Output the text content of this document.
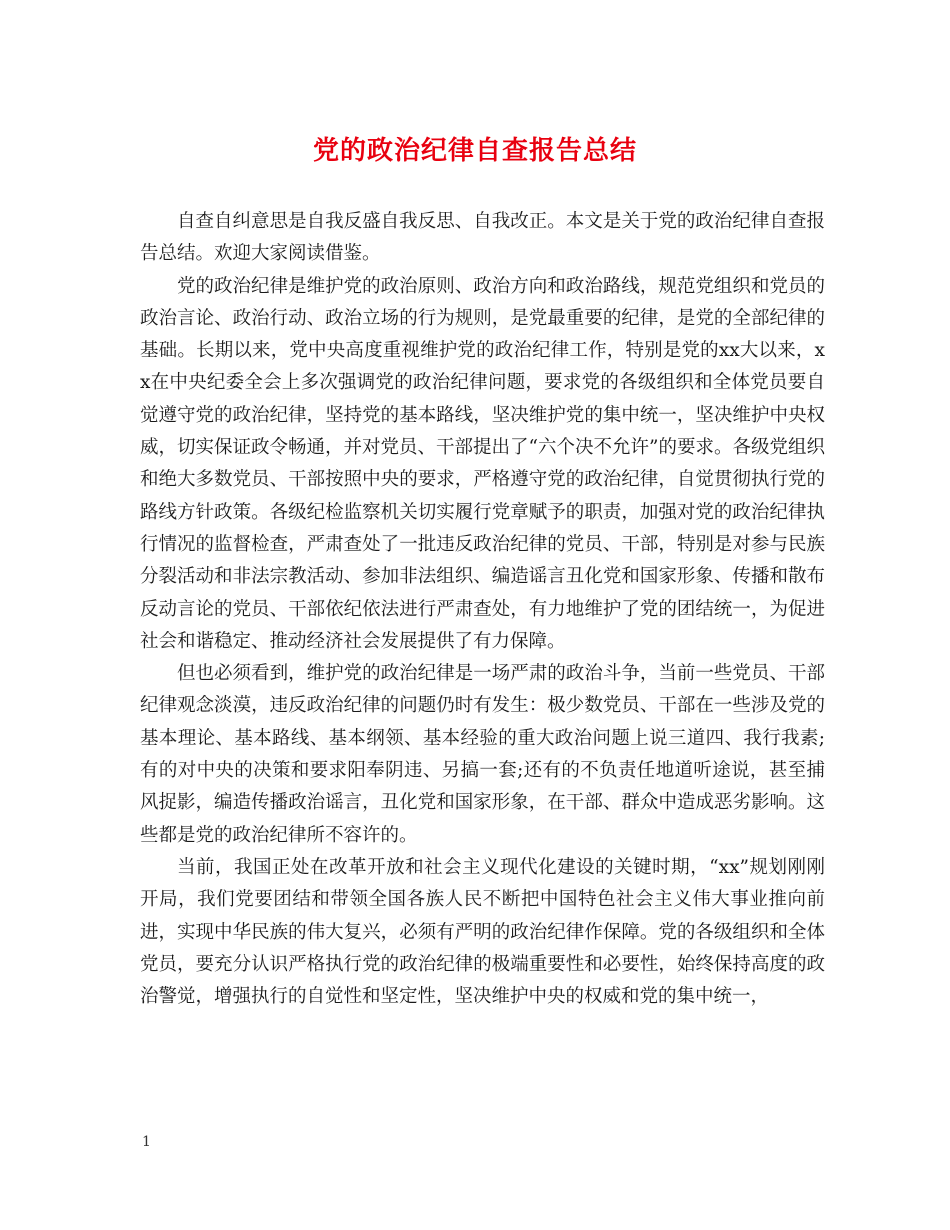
党的政治纪律自查报告总结

自查自纠意思是自我反盛自我反思、自我改正。本文是关于党的政治纪律自查报告总结。欢迎大家阅读借鉴。

党的政治纪律是维护党的政治原则、政治方向和政治路线，规范党组织和党员的政治言论、政治行动、政治立场的行为规则，是党最重要的纪律，是党的全部纪律的基础。长期以来，党中央高度重视维护党的政治纪律工作，特别是党的xx大以来，xx在中央纪委全会上多次强调党的政治纪律问题，要求党的各级组织和全体党员要自觉遵守党的政治纪律，坚持党的基本路线，坚决维护党的集中统一，坚决维护中央权威，切实保证政令畅通，并对党员、干部提出了“六个决不允许”的要求。各级党组织和绝大多数党员、干部按照中央的要求，严格遵守党的政治纪律，自觉贯彻执行党的路线方针政策。各级纪检监察机关切实履行党章赋予的职责，加强对党的政治纪律执行情况的监督检查，严肃查处了一批违反政治纪律的党员、干部，特别是对参与民族分裂活动和非法宗教活动、参加非法组织、编造谣言丑化党和国家形象、传播和散布反动言论的党员、干部依纪依法进行严肃查处，有力地维护了党的团结统一，为促进社会和谐稳定、推动经济社会发展提供了有力保障。

但也必须看到，维护党的政治纪律是一场严肃的政治斗争，当前一些党员、干部纪律观念淡漠，违反政治纪律的问题仍时有发生：极少数党员、干部在一些涉及党的基本理论、基本路线、基本纲领、基本经验的重大政治问题上说三道四、我行我素;有的对中央的决策和要求阳奉阴违、另搞一套;还有的不负责任地道听途说，甚至捕风捉影，编造传播政治谣言，丑化党和国家形象，在干部、群众中造成恶劣影响。这些都是党的政治纪律所不容许的。

当前，我国正处在改革开放和社会主义现代化建设的关键时期，“xx”规划刚刚开局，我们党要团结和带领全国各族人民不断把中国特色社会主义伟大事业推向前进，实现中华民族的伟大复兴，必须有严明的政治纪律作保障。党的各级组织和全体党员，要充分认识严格执行党的政治纪律的极端重要性和必要性，始终保持高度的政治警觉，增强执行的自觉性和坚定性，坚决维护中央的权威和党的集中统一，

1
